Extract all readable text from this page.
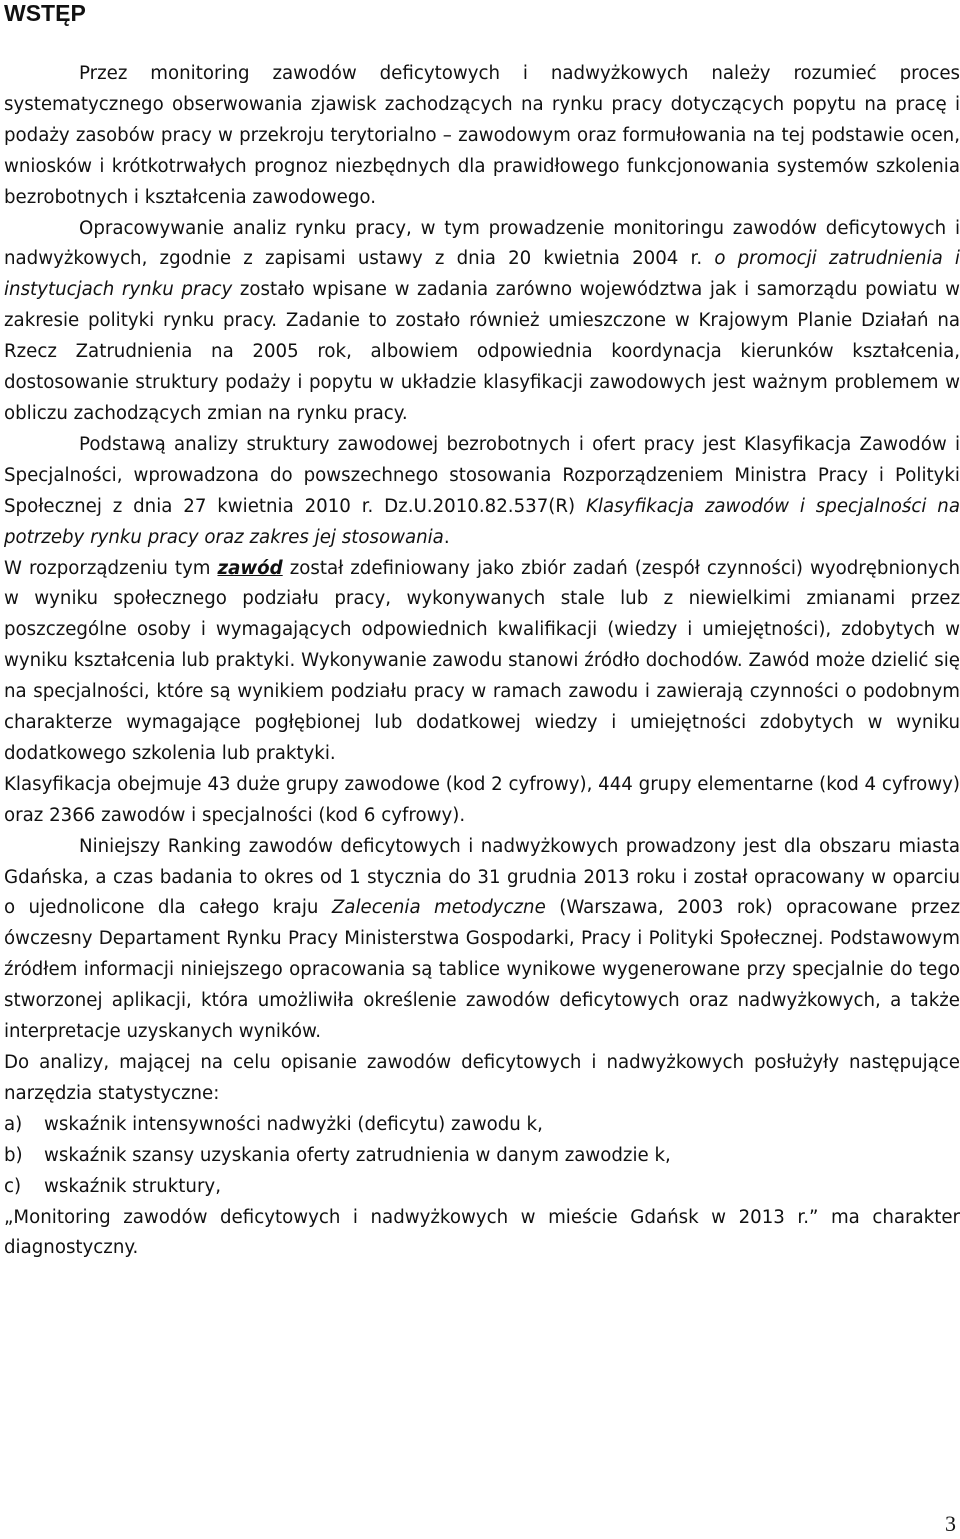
WSTĘP

Przez monitoring zawodów deficytowych i nadwyżkowych należy rozumieć proces systematycznego obserwowania zjawisk zachodzących na rynku pracy dotyczących popytu na pracę i podaży zasobów pracy w przekroju terytorialno – zawodowym oraz formułowania na tej podstawie ocen, wniosków i krótkotrwałych prognoz niezbędnych dla prawidłowego funkcjonowania systemów szkolenia bezrobotnych i kształcenia zawodowego.

Opracowywanie analiz rynku pracy, w tym prowadzenie monitoringu zawodów deficytowych i nadwyżkowych, zgodnie z zapisami ustawy z dnia 20 kwietnia 2004 r. o promocji zatrudnienia i instytucjach rynku pracy zostało wpisane w zadania zarówno województwa jak i samorządu powiatu w zakresie polityki rynku pracy. Zadanie to zostało również umieszczone w Krajowym Planie Działań na Rzecz Zatrudnienia na 2005 rok, albowiem odpowiednia koordynacja kierunków kształcenia, dostosowanie struktury podaży i popytu w układzie klasyfikacji zawodowych jest ważnym problemem w obliczu zachodzących zmian na rynku pracy.

Podstawą analizy struktury zawodowej bezrobotnych i ofert pracy jest Klasyfikacja Zawodów i Specjalności, wprowadzona do powszechnego stosowania Rozporządzeniem Ministra Pracy i Polityki Społecznej z dnia 27 kwietnia 2010 r. Dz.U.2010.82.537(R) Klasyfikacja zawodów i specjalności na potrzeby rynku pracy oraz zakres jej stosowania.

W rozporządzeniu tym zawód został zdefiniowany jako zbiór zadań (zespół czynności) wyodrębnionych w wyniku społecznego podziału pracy, wykonywanych stale lub z niewielkimi zmianami przez poszczególne osoby i wymagających odpowiednich kwalifikacji (wiedzy i umiejętności), zdobytych w wyniku kształcenia lub praktyki. Wykonywanie zawodu stanowi źródło dochodów. Zawód może dzielić się na specjalności, które są wynikiem podziału pracy w ramach zawodu i zawierają czynności o podobnym charakterze wymagające pogłębionej lub dodatkowej wiedzy i umiejętności zdobytych w wyniku dodatkowego szkolenia lub praktyki.

Klasyfikacja obejmuje 43 duże grupy zawodowe (kod 2 cyfrowy), 444 grupy elementarne (kod 4 cyfrowy) oraz 2366 zawodów i specjalności (kod 6 cyfrowy).

Niniejszy Ranking zawodów deficytowych i nadwyżkowych prowadzony jest dla obszaru miasta Gdańska, a czas badania to okres od 1 stycznia do 31 grudnia 2013 roku i został opracowany w oparciu o ujednolicone dla całego kraju Zalecenia metodyczne (Warszawa, 2003 rok) opracowane przez ówczesny Departament Rynku Pracy Ministerstwa Gospodarki, Pracy i Polityki Społecznej. Podstawowym źródłem informacji niniejszego opracowania są tablice wynikowe wygenerowane przy specjalnie do tego stworzonej aplikacji, która umożliwiła określenie zawodów deficytowych oraz nadwyżkowych, a także interpretacje uzyskanych wyników.

Do analizy, mającej na celu opisanie zawodów deficytowych i nadwyżkowych posłużyły następujące narzędzia statystyczne:

a) wskaźnik intensywności nadwyżki (deficytu) zawodu k,
b) wskaźnik szansy uzyskania oferty zatrudnienia w danym zawodzie k,
c) wskaźnik struktury,

„Monitoring zawodów deficytowych i nadwyżkowych w mieście Gdańsk w 2013 r.” ma charakter diagnostyczny.

3
